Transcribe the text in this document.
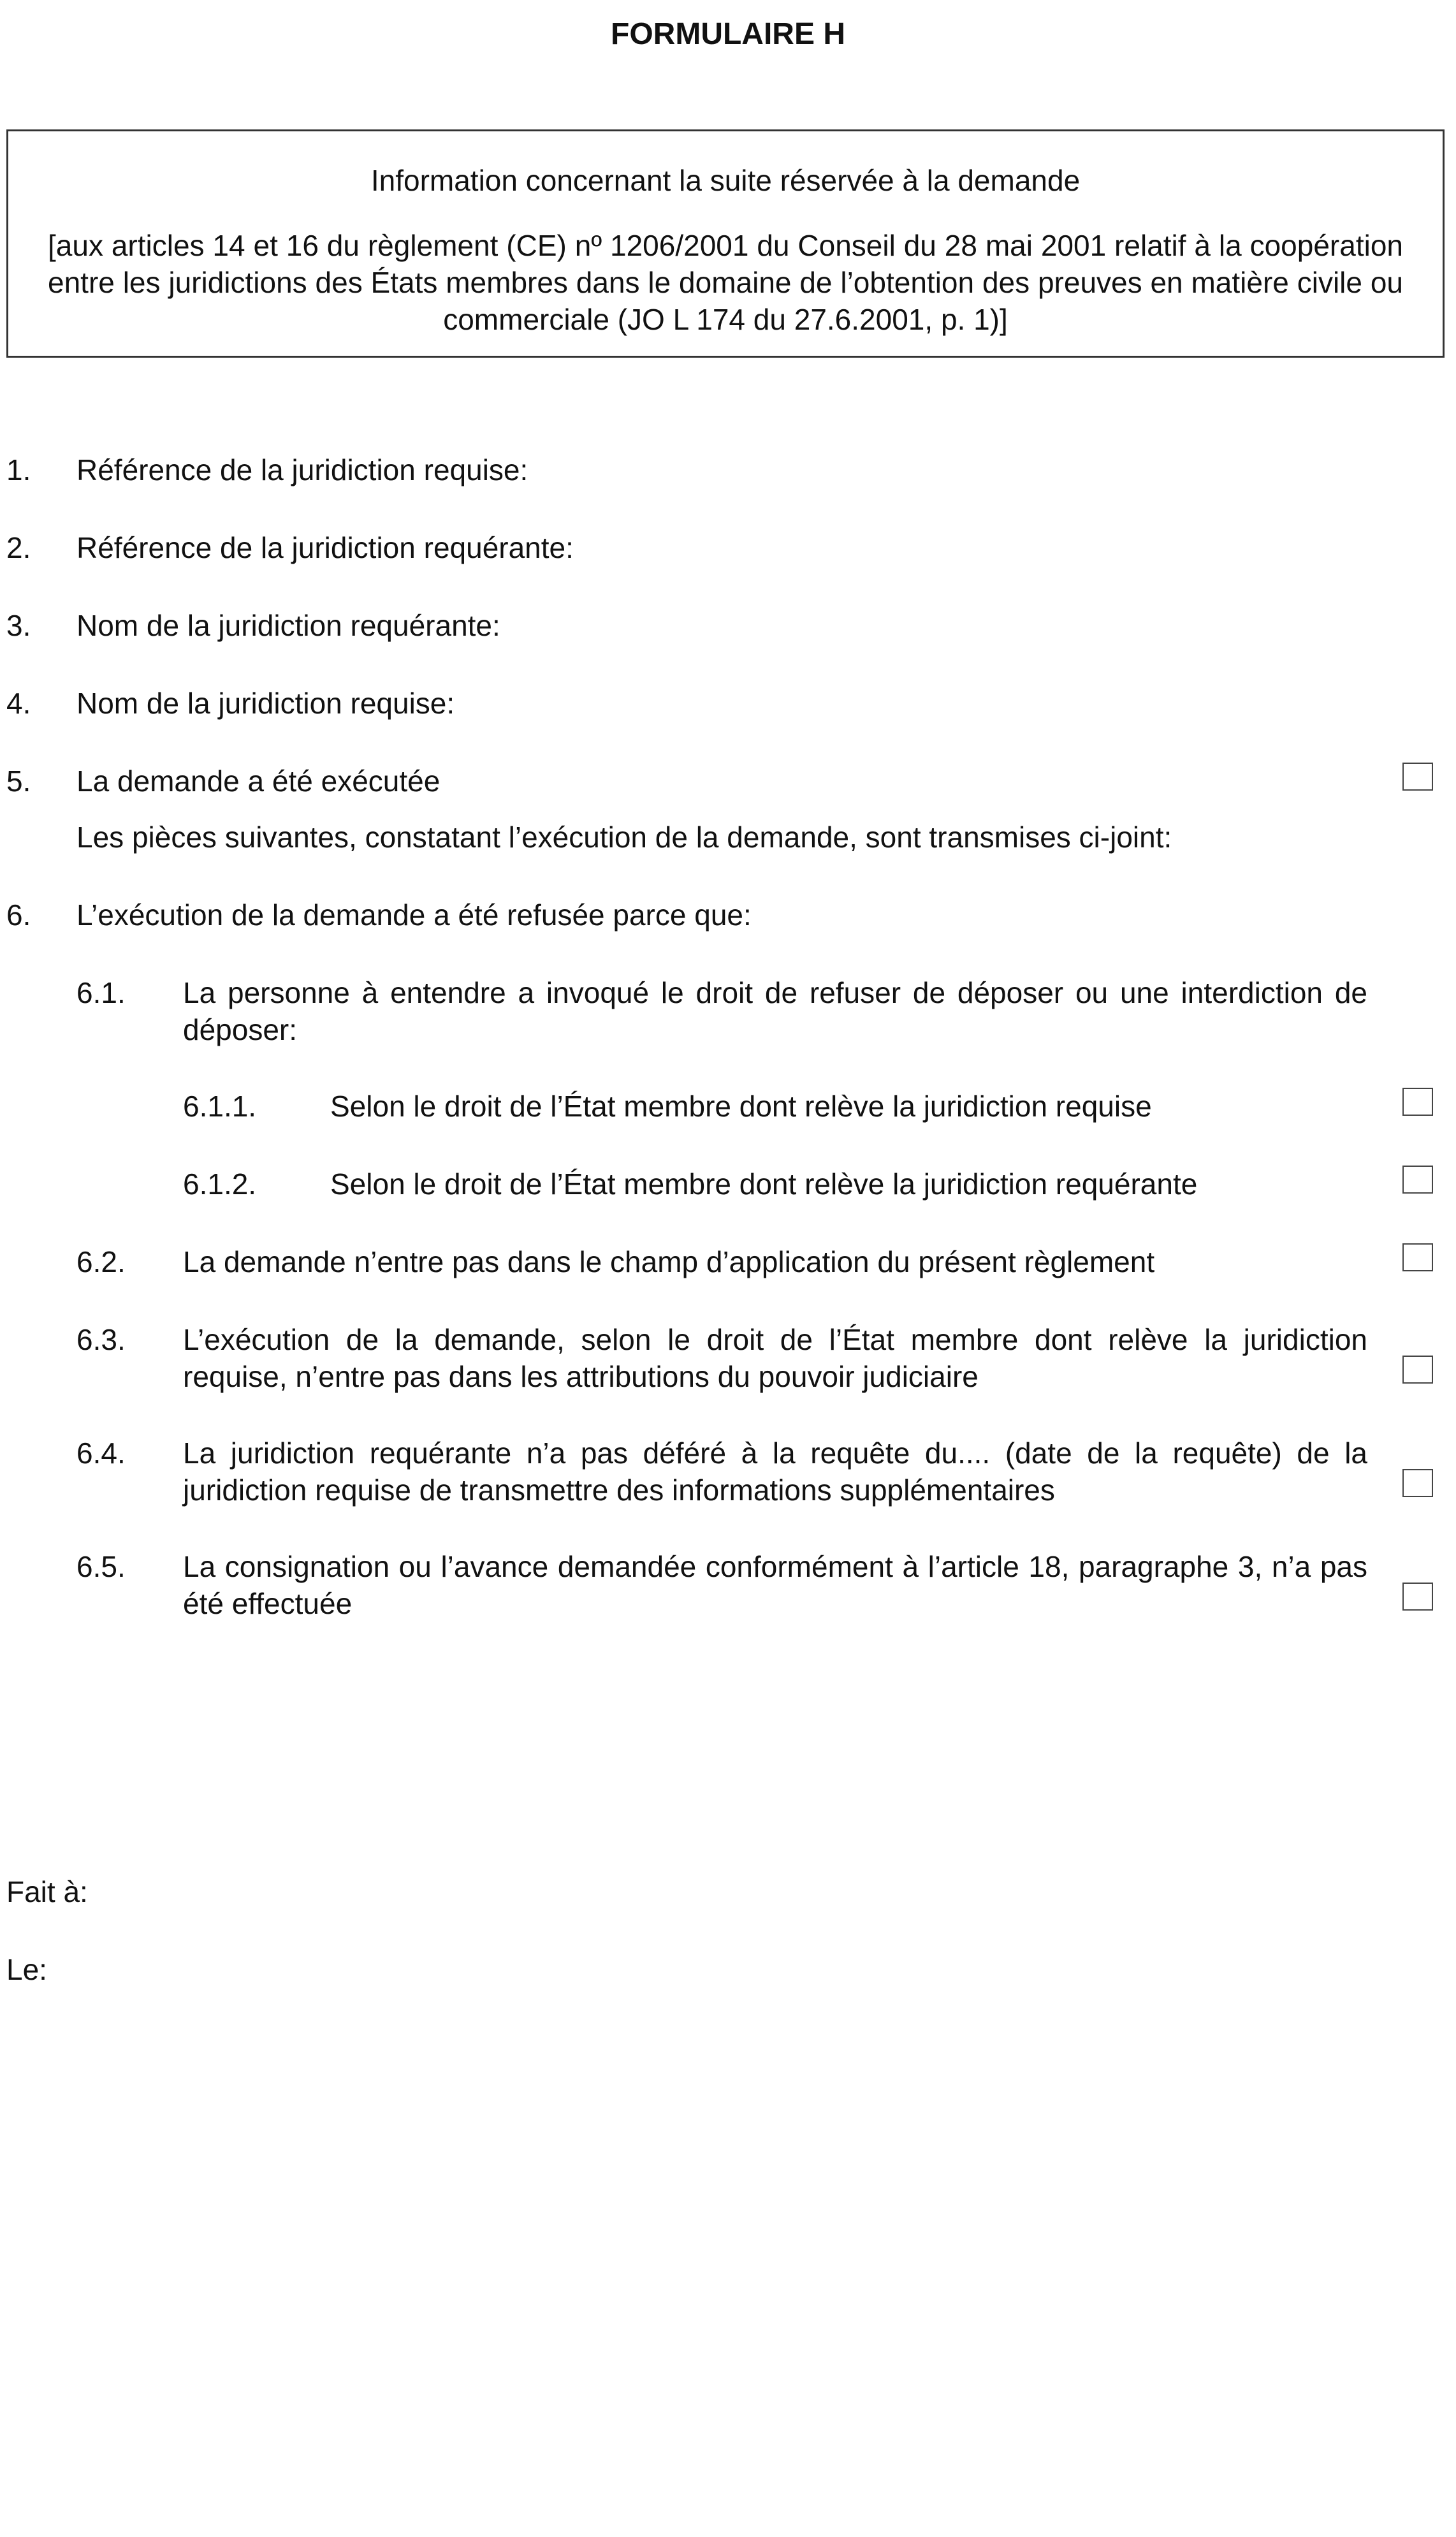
FORMULAIRE H
Information concernant la suite réservée à la demande
[aux articles 14 et 16 du règlement (CE) nº 1206/2001 du Conseil du 28 mai 2001 relatif à la coopération entre les juridictions des États membres dans le domaine de l’obtention des preuves en matière civile ou commerciale (JO L 174 du 27.6.2001, p. 1)]
1. Référence de la juridiction requise:
2. Référence de la juridiction requérante:
3. Nom de la juridiction requérante:
4. Nom de la juridiction requise:
5. La demande a été exécutée
Les pièces suivantes, constatant l’exécution de la demande, sont transmises ci-joint:
6. L’exécution de la demande a été refusée parce que:
6.1. La personne à entendre a invoqué le droit de refuser de déposer ou une interdiction de déposer:
6.1.1.	Selon le droit de l’État membre dont relève la juridiction requise
6.1.2.	Selon le droit de l’État membre dont relève la juridiction requérante
6.2. La demande n’entre pas dans le champ d’application du présent règlement
6.3. L’exécution de la demande, selon le droit de l’État membre dont relève la juridiction requise, n’entre pas dans les attributions du pouvoir judiciaire
6.4. La juridiction requérante n’a pas déféré à la requête du.... (date de la requête) de la juridiction requise de transmettre des informations supplémentaires
6.5. La consignation ou l’avance demandée conformément à l’article 18, paragraphe 3, n’a pas été effectuée
Fait à:
Le:
